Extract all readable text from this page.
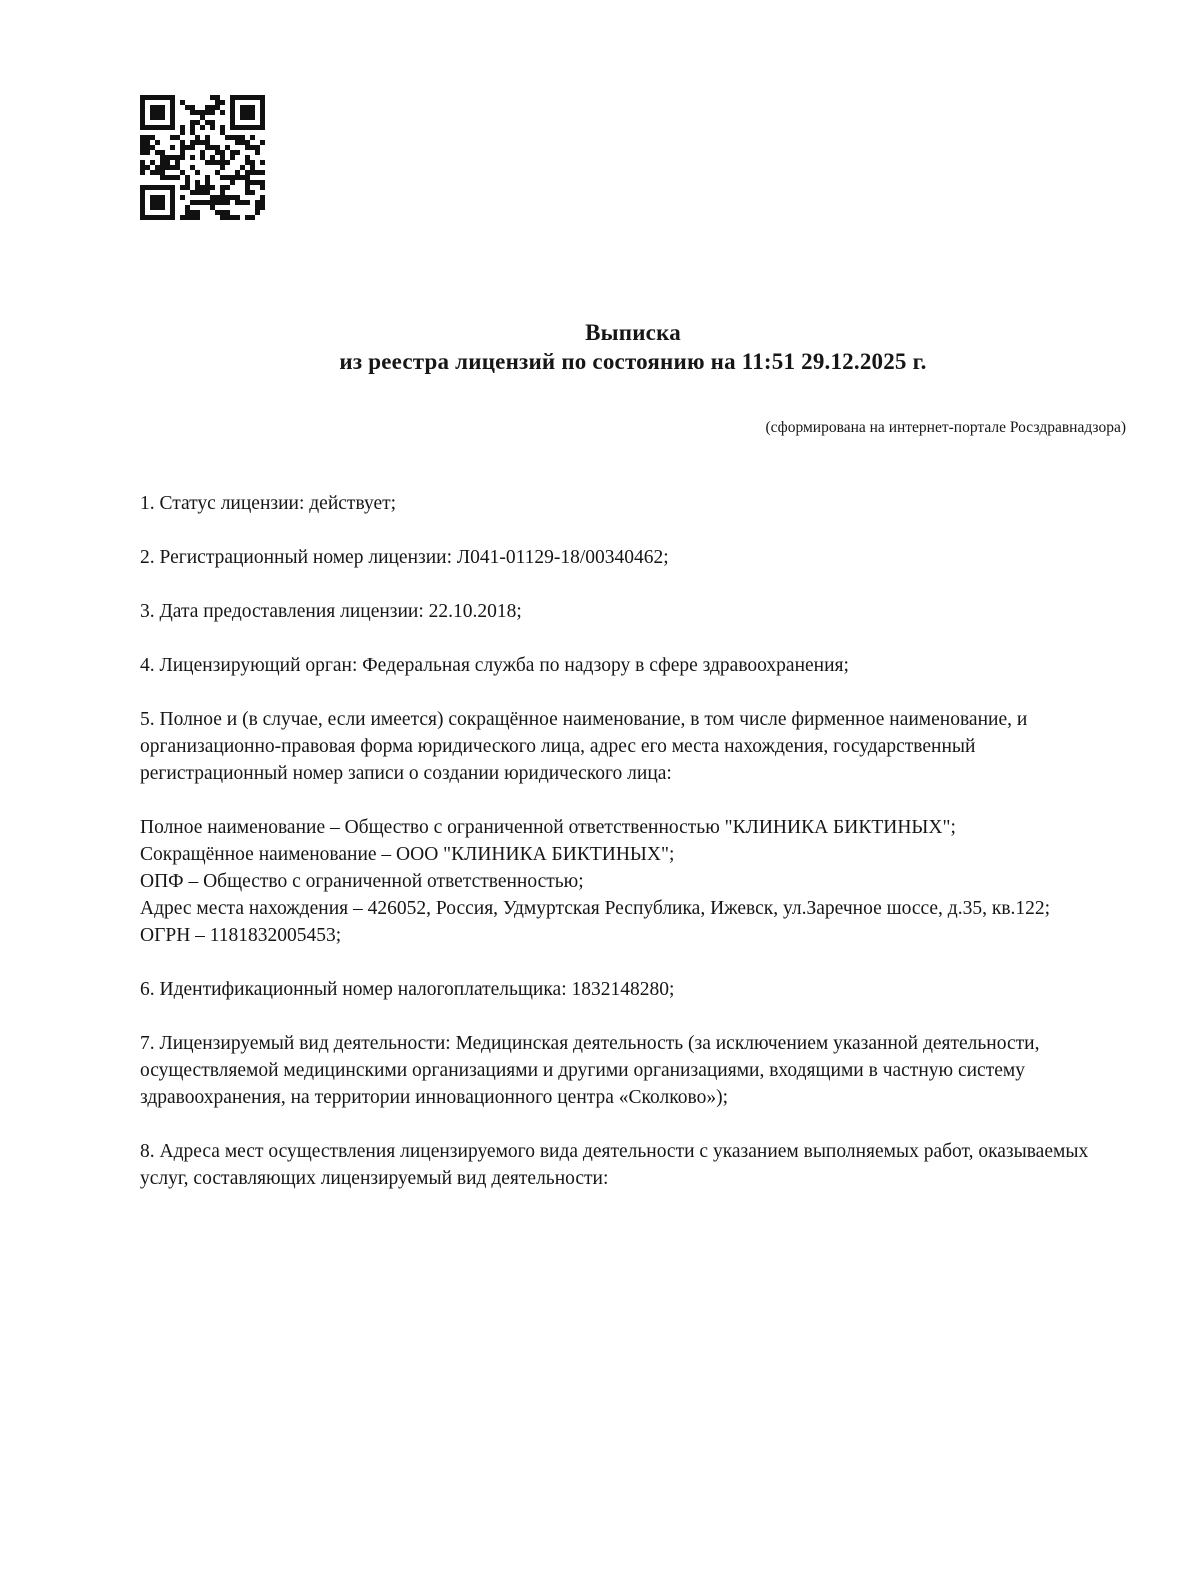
Выписка
из реестра лицензий по состоянию на 11:51 29.12.2025 г.
(сформирована на интернет-портале Росздравнадзора)

1. Статус лицензии: действует;

2. Регистрационный номер лицензии: Л041-01129-18/00340462;

3. Дата предоставления лицензии: 22.10.2018;

4. Лицензирующий орган: Федеральная служба по надзору в сфере здравоохранения;

5. Полное и (в случае, если имеется) сокращённое наименование, в том числе фирменное наименование, и организационно-правовая форма юридического лица, адрес его места нахождения, государственный регистрационный номер записи о создании юридического лица:

Полное наименование – Общество с ограниченной ответственностью "КЛИНИКА БИКТИНЫХ";
Сокращённое наименование – ООО "КЛИНИКА БИКТИНЫХ";
ОПФ – Общество с ограниченной ответственностью;
Адрес места нахождения – 426052, Россия, Удмуртская Республика, Ижевск, ул.Заречное шоссе, д.35, кв.122;
ОГРН – 1181832005453;

6. Идентификационный номер налогоплательщика: 1832148280;

7. Лицензируемый вид деятельности: Медицинская деятельность (за исключением указанной деятельности, осуществляемой медицинскими организациями и другими организациями, входящими в частную систему здравоохранения, на территории инновационного центра «Сколково»);

8. Адреса мест осуществления лицензируемого вида деятельности с указанием выполняемых работ, оказываемых услуг, составляющих лицензируемый вид деятельности:
